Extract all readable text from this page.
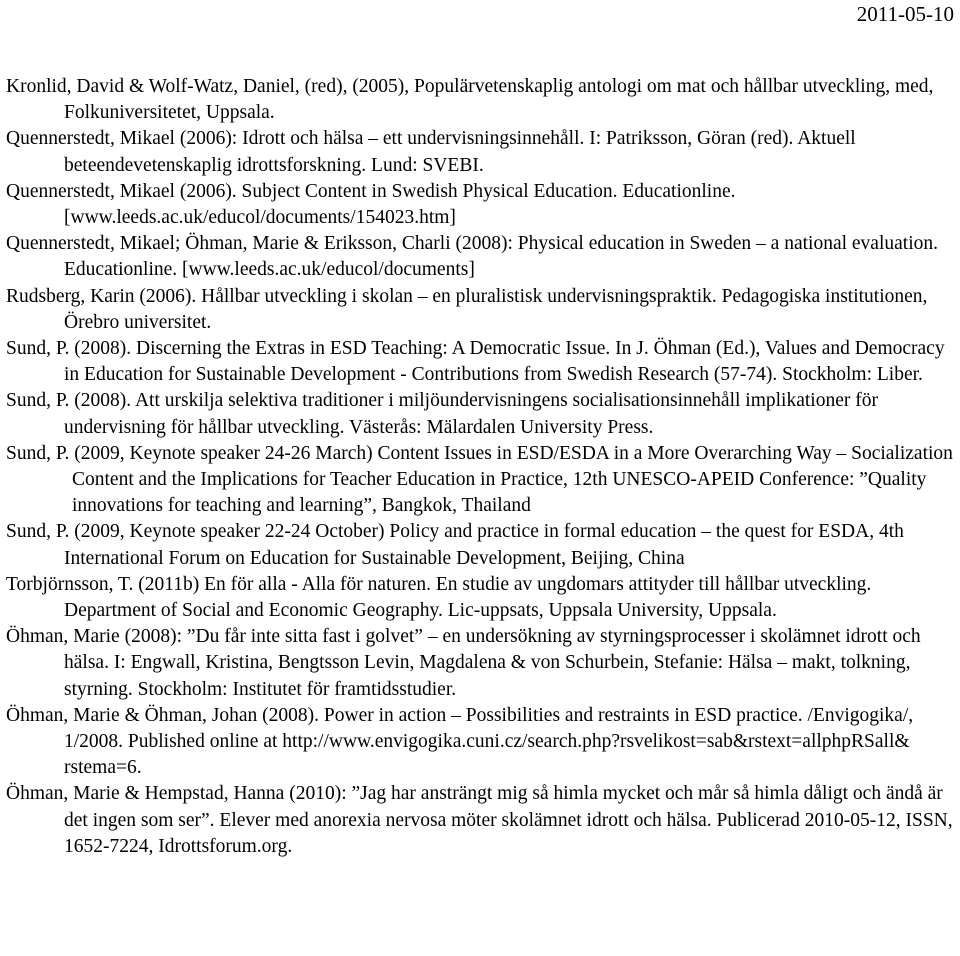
2011-05-10

Kronlid, David & Wolf-Watz, Daniel, (red), (2005), Populärvetenskaplig antologi om mat och hållbar utveckling, med, Folkuniversitetet, Uppsala.

Quennerstedt, Mikael (2006): Idrott och hälsa – ett undervisningsinnehåll. I: Patriksson, Göran (red). Aktuell beteendevetenskaplig idrottsforskning. Lund: SVEBI.

Quennerstedt, Mikael (2006). Subject Content in Swedish Physical Education. Educationline. [www.leeds.ac.uk/educol/documents/154023.htm]

Quennerstedt, Mikael; Öhman, Marie & Eriksson, Charli (2008): Physical education in Sweden – a national evaluation. Educationline. [www.leeds.ac.uk/educol/documents]

Rudsberg, Karin (2006). Hållbar utveckling i skolan – en pluralistisk undervisningspraktik. Pedagogiska institutionen, Örebro universitet.

Sund, P. (2008). Discerning the Extras in ESD Teaching: A Democratic Issue. In J. Öhman (Ed.), Values and Democracy in Education for Sustainable Development - Contributions from Swedish Research (57-74). Stockholm: Liber.

Sund, P. (2008). Att urskilja selektiva traditioner i miljöundervisningens socialisationsinnehåll implikationer för undervisning för hållbar utveckling. Västerås: Mälardalen University Press.

Sund, P. (2009, Keynote speaker 24-26 March) Content Issues in ESD/ESDA in a More Overarching Way – Socialization Content and the Implications for Teacher Education in Practice, 12th UNESCO-APEID Conference: ”Quality innovations for teaching and learning”, Bangkok, Thailand

Sund, P. (2009, Keynote speaker 22-24 October) Policy and practice in formal education – the quest for ESDA, 4th International Forum on Education for Sustainable Development, Beijing, China

Torbjörnsson, T. (2011b) En för alla - Alla för naturen. En studie av ungdomars attityder till hållbar utveckling. Department of Social and Economic Geography. Lic-uppsats, Uppsala University, Uppsala.

Öhman, Marie (2008): ”Du får inte sitta fast i golvet” – en undersökning av styrningsprocesser i skolämnet idrott och hälsa. I: Engwall, Kristina, Bengtsson Levin, Magdalena & von Schurbein, Stefanie: Hälsa – makt, tolkning, styrning. Stockholm: Institutet för framtidsstudier.

Öhman, Marie & Öhman, Johan (2008). Power in action – Possibilities and restraints in ESD practice. /Envigogika/, 1/2008. Published online at http://www.envigogika.cuni.cz/search.php?rsvelikost=sab&rstext=allphpRSall& rstema=6.

Öhman, Marie & Hempstad, Hanna (2010): ”Jag har ansträngt mig så himla mycket och mår så himla dåligt och ändå är det ingen som ser”. Elever med anorexia nervosa möter skolämnet idrott och hälsa. Publicerad 2010-05-12, ISSN, 1652-7224, Idrottsforum.org.
